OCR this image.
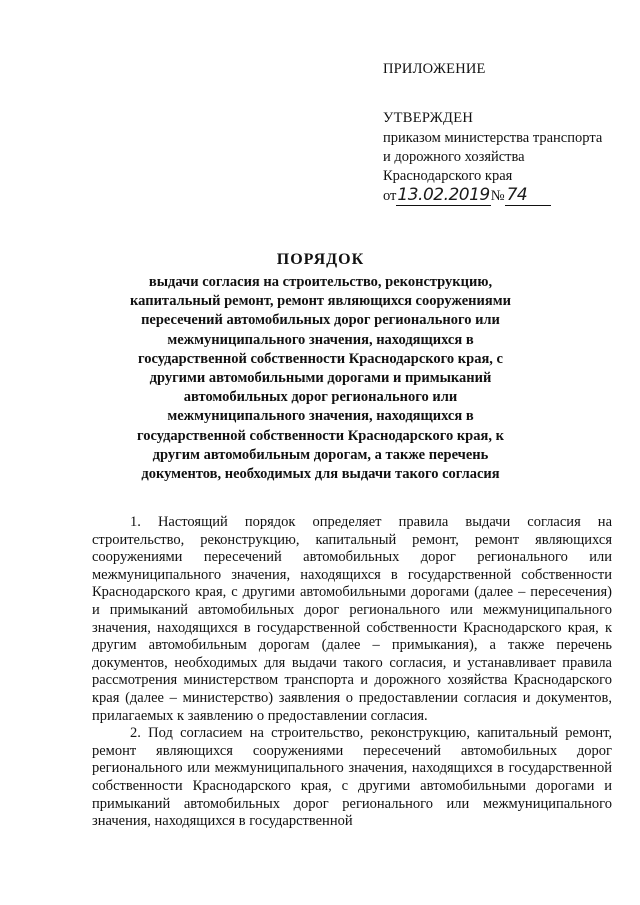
ПРИЛОЖЕНИЕ

УТВЕРЖДЕН

приказом министерства транспорта

и дорожного хозяйства

Краснодарского края

от13.02.2019№ 74

ПОРЯДОК

выдачи согласия на строительство, реконструкцию, капитальный ремонт, ремонт являющихся сооружениями пересечений автомобильных дорог регионального или межмуниципального значения, находящихся в государственной собственности Краснодарского края, с другими автомобильными дорогами и примыканий автомобильных дорог регионального или межмуниципального значения, находящихся в государственной собственности Краснодарского края, к другим автомобильным дорогам, а также перечень документов, необходимых для выдачи такого согласия

1. Настоящий порядок определяет правила выдачи согласия на строительство, реконструкцию, капитальный ремонт, ремонт являющихся сооружениями пересечений автомобильных дорог регионального или межмуниципального значения, находящихся в государственной собственности Краснодарского края, с другими автомобильными дорогами (далее – пересечения) и примыканий автомобильных дорог регионального или межмуниципального значения, находящихся в государственной собственности Краснодарского края, к другим автомобильным дорогам (далее – примыкания), а также перечень документов, необходимых для выдачи такого согласия, и устанавливает правила рассмотрения министерством транспорта и дорожного хозяйства Краснодарского края (далее – министерство) заявления о предоставлении согласия и документов, прилагаемых к заявлению о предоставлении согласия.

2. Под согласием на строительство, реконструкцию, капитальный ремонт, ремонт являющихся сооружениями пересечений автомобильных дорог регионального или межмуниципального значения, находящихся в государственной собственности Краснодарского края, с другими автомобильными дорогами и примыканий автомобильных дорог регионального или межмуниципального значения, находящихся в государственной
